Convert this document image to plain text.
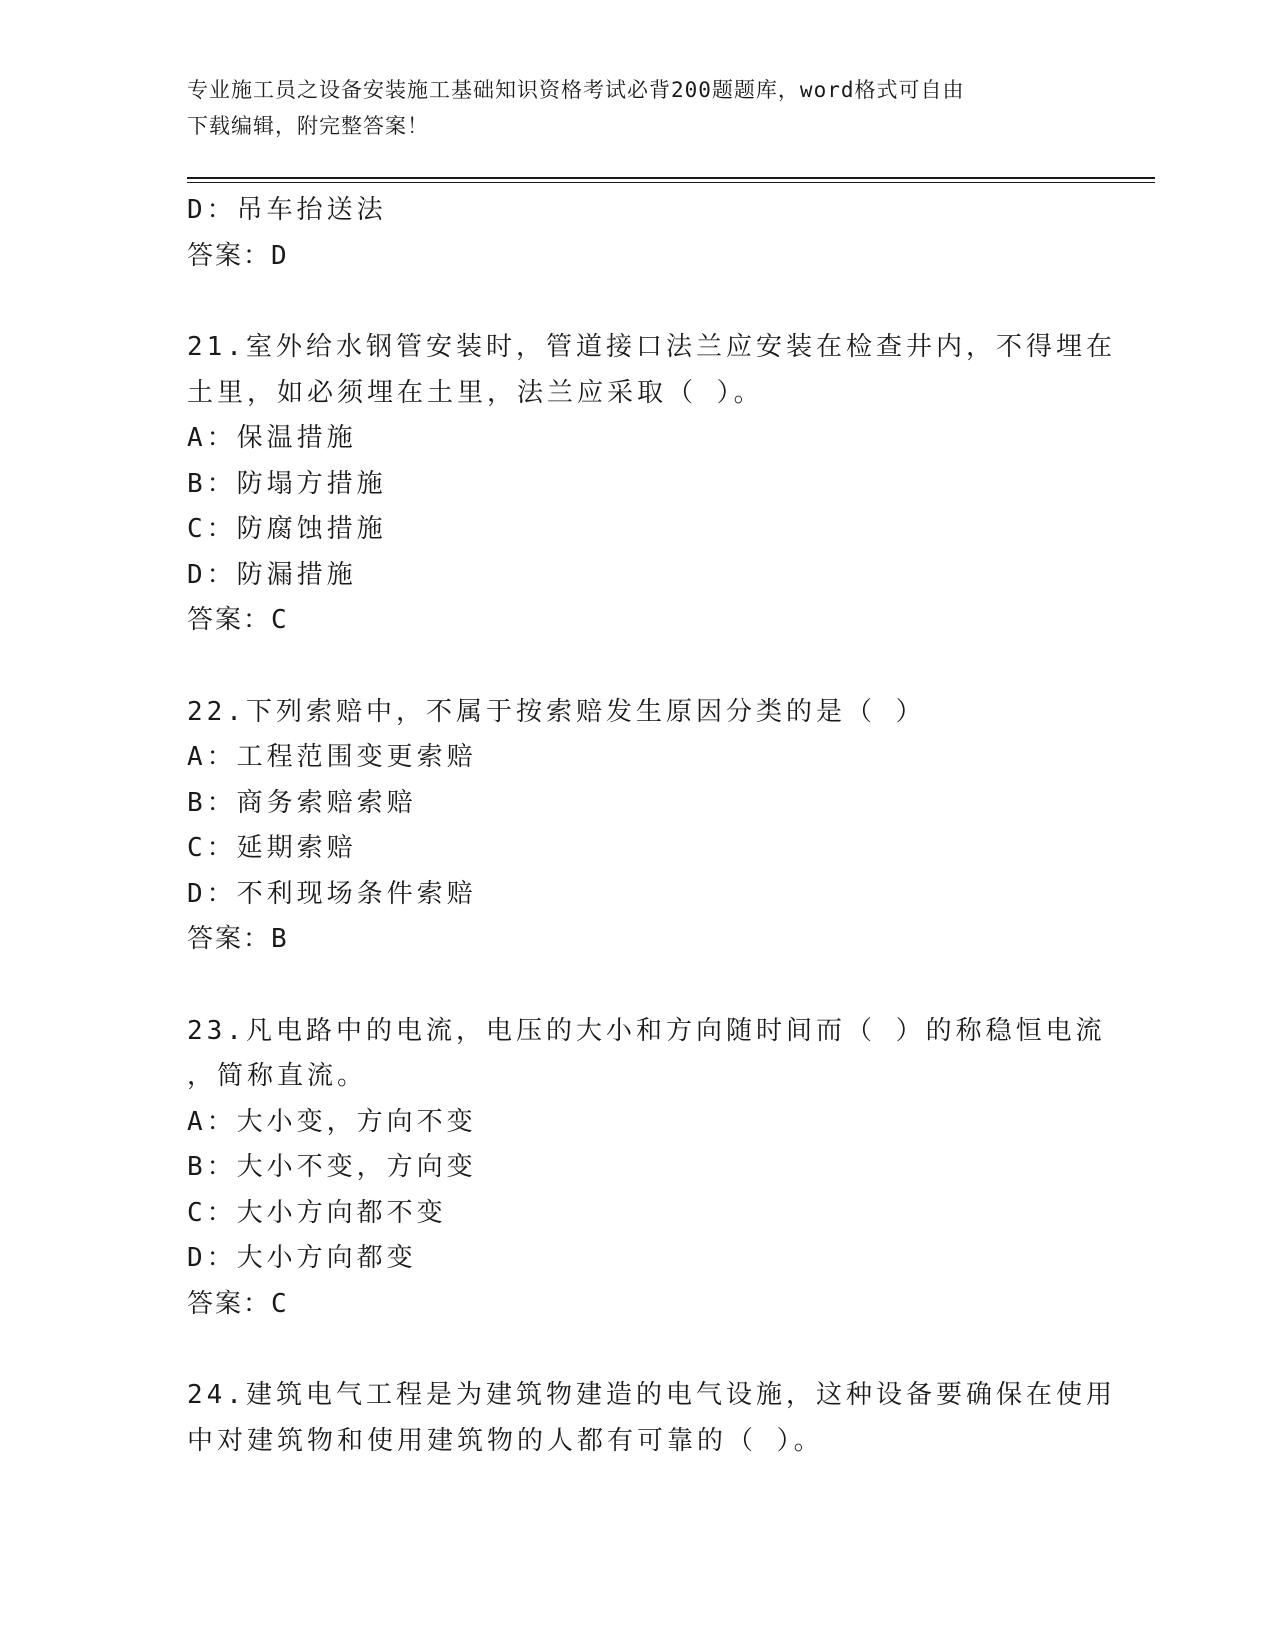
专业施工员之设备安装施工基础知识资格考试必背200题题库，word格式可自由
下载编辑，附完整答案！
D：吊车抬送法
答案：D
21.室外给水钢管安装时，管道接口法兰应安装在检查井内，不得埋在
土里，如必须埋在土里，法兰应采取（ ）。
A：保温措施
B：防塌方措施
C：防腐蚀措施
D：防漏措施
答案：C
22.下列索赔中，不属于按索赔发生原因分类的是（ ）
A：工程范围变更索赔
B：商务索赔索赔
C：延期索赔
D：不利现场条件索赔
答案：B
23.凡电路中的电流，电压的大小和方向随时间而（ ）的称稳恒电流
，简称直流。
A：大小变，方向不变
B：大小不变，方向变
C：大小方向都不变
D：大小方向都变
答案：C
24.建筑电气工程是为建筑物建造的电气设施，这种设备要确保在使用
中对建筑物和使用建筑物的人都有可靠的（ ）。
